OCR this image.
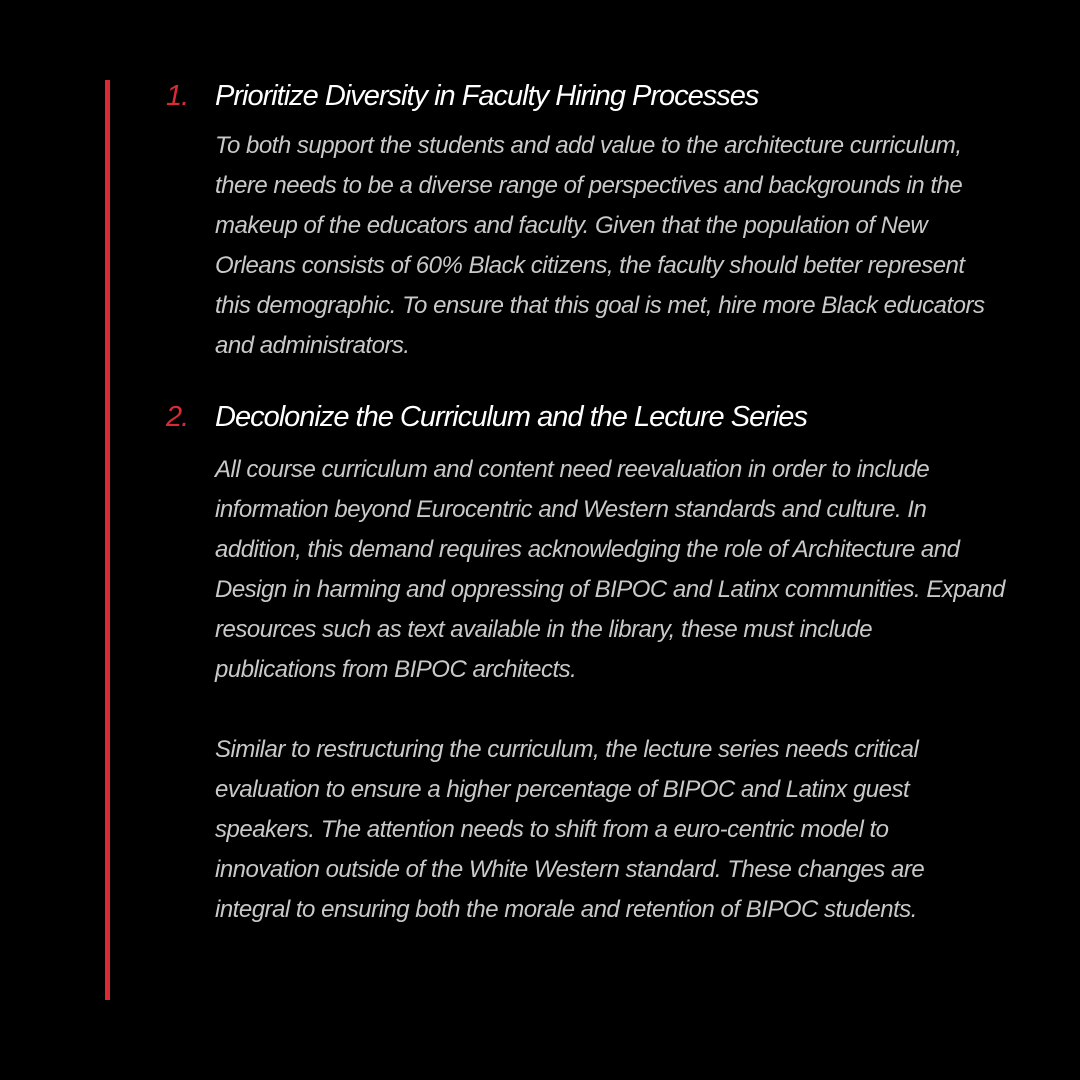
1. Prioritize Diversity in Faculty Hiring Processes

To both support the students and add value to the architecture curriculum,
there needs to be a diverse range of perspectives and backgrounds in the
makeup of the educators and faculty. Given that the population of New
Orleans consists of 60% Black citizens, the faculty should better represent
this demographic. To ensure that this goal is met, hire more Black educators
and administrators.

2. Decolonize the Curriculum and the Lecture Series

All course curriculum and content need reevaluation in order to include
information beyond Eurocentric and Western standards and culture. In
addition, this demand requires acknowledging the role of Architecture and
Design in harming and oppressing of BIPOC and Latinx communities. Expand
resources such as text available in the library, these must include
publications from BIPOC architects.
Similar to restructuring the curriculum, the lecture series needs critical
evaluation to ensure a higher percentage of BIPOC and Latinx guest
speakers. The attention needs to shift from a euro-centric model to
innovation outside of the White Western standard. These changes are
integral to ensuring both the morale and retention of BIPOC students.
